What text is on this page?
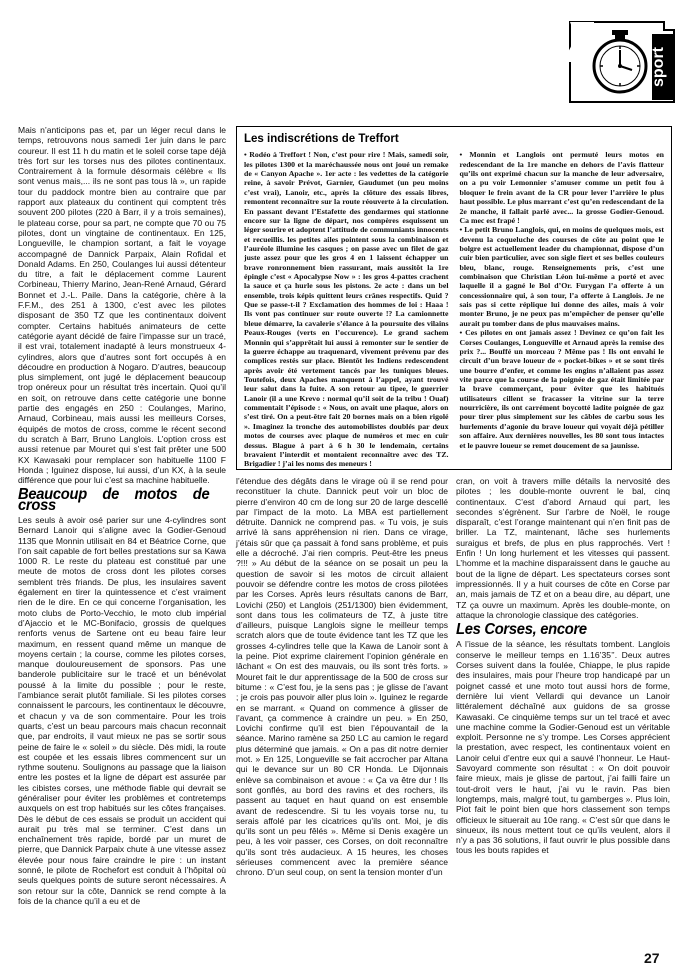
sport

Mais n’anticipons pas et, par un léger recul dans le temps, retrouvons nous samedi 1er juin dans le parc coureur. Il est 11 h du matin et le soleil corse tape déjà très fort sur les torses nus des pilotes continentaux. Contrairement à la formule désormais célèbre « Ils sont venus mais,... ils ne sont pas tous là », un rapide tour du paddock montre bien au contraire que par rapport aux plateaux du continent qui comptent très souvent 200 pilotes (220 à Barr, il y a trois semaines), le plateau corse, pour sa part, ne compte que 70 ou 75 pilotes, dont un vingtaine de continentaux. En 125, Longueville, le champion sortant, a fait le voyage accompagné de Dannick Parpaix, Alain Rofidal et Donald Adams. En 250, Coulanges lui aussi détenteur du titre, a fait le déplacement comme Laurent Corbineau, Thierry Marino, Jean-René Arnaud, Gérard Bonnet et J.-L. Paile. Dans la catégorie, chère à la F.F.M., des 251 à 1300, c’est avec les pilotes disposant de 350 TZ que les continentaux doivent compter. Certains habitués animateurs de cette catégorie ayant décidé de faire l’impasse sur un tracé, il est vrai, totalement inadapté à leurs monstrueux 4-cylindres, alors que d’autres sont fort occupés à en découdre en production à Nogaro. D’autres, beaucoup plus simplement, ont jugé le déplacement beaucoup trop onéreux pour un résultat très incertain. Quoi qu’il en soit, on retrouve dans cette catégorie une bonne partie des engagés en 250 : Coulanges, Marino, Arnaud, Corbineau, mais aussi les meilleurs Corses, équipés de motos de cross, comme le récent second du scratch à Barr, Bruno Langlois. L’option cross est aussi retenue par Mouret qui s’est fait prêter une 500 KX Kawasaki pour remplacer son habituelle 1100 F Honda ; Iguinez dispose, lui aussi, d’un KX, à la seule différence que pour lui c’est sa machine habituelle.

Beaucoup de motos de cross

Les seuls à avoir osé parier sur une 4-cylindres sont Bernard Lanoir qui s’aligne avec la Godier-Genoud 1135 que Monnin utilisait en 84 et Béatrice Corne, que l’on sait capable de fort belles prestations sur sa Kawa 1000 R. Le reste du plateau est constitué par une meute de motos de cross dont les pilotes corses semblent très friands. De plus, les insulaires savent également en tirer la quintessence et c’est vraiment rien de le dire. En ce qui concerne l’organisation, les moto clubs de Porto-Vecchio, le moto club impérial d’Ajaccio et le MC-Bonifacio, grossis de quelques renforts venus de Sartene ont eu beau faire leur maximum, en ressent quand même un manque de moyens certain ; la course, comme les pilotes corses, manque douloureusement de sponsors. Pas une banderole publicitaire sur le tracé et un bénévolat poussé à la limite du possible ; pour le reste, l’ambiance serait plutôt familiale. Si les pilotes corses connaissent le parcours, les continentaux le découvre, et chacun y va de son commentaire. Pour les trois quarts, c’est un beau parcours mais chacun reconnait que, par endroits, il vaut mieux ne pas se sortir sous peine de faire le « soleil » du siècle. Dès midi, la route est coupée et les essais libres commencent sur un rythme soutenu. Soulignons au passage que la liaison entre les postes et la ligne de départ est assurée par les cibistes corses, une méthode fiable qui devrait se généraliser pour éviter les problèmes et contretemps auxquels on est trop habitués sur les côtes françaises. Dès le début de ces essais se produit un accident qui aurait pu très mal se terminer. C’est dans un enchaînement très rapide, bordé par un muret de pierre, que Dannick Parpaix chute à une vitesse assez élevée pour nous faire craindre le pire : un instant sonné, le pilote de Rochefort est conduit à l’hôpital où seuls quelques points de suture seront nécessaires. A son retour sur la côte, Dannick se rend compte à la fois de la chance qu’il a eu et de

Les indiscrétions de Treffort

• Rodéo à Treffort ! Non, c’est pour rire ! Mais, samedi soir, les pilotes 1300 et la maréchaussée nous ont joué un remake de « Canyon Apache ». 1er acte : les vedettes de la catégorie reine, à savoir Prévot, Garnier, Gaudumet (un peu moins c’est vrai), Lanoir, etc., après la clôture des essais libres, remontent reconnaître sur la route réouverte à la circulation. En passant devant l’Estafette des gendarmes qui stationne encore sur la ligne de départ, nos compères esquissent un léger sourire et adoptent l’attitude de communiants innocents et recueillis. les petites ailes pointent sous la combinaison et l’auréole illumine les casques ; on passe avec un filet de gaz juste assez pour que les gros 4 en 1 laissent échapper un brave ronronnement bien rassurant, mais aussitôt la 1re épingle c’est « Apocalypse Now » : les gros 4-pattes crachent la sauce et ça hurle sous les pistons. 2e acte : dans un bel ensemble, trois képis quittent leurs crânes respectifs. Quid ? Que se passe-t-il ? Exclamation des hommes de loi : Haaa ! Ils vont pas continuer sur route ouverte !? La camionnette bleue démarre, la cavalerie s’élance à la poursuite des vilains Peaux-Rouges (verts en l’occurence). Le grand sachem Monnin qui s’apprêtait lui aussi à remonter sur le sentier de la guerre échappe au traquenard, vivement prévenu par des complices restés sur place. Bientôt les Indiens redescendent après avoir été vertement tancés par les tuniques bleues. Toutefois, deux Apaches manquent à l’appel, ayant trouvé leur salut dans la fuite. A son retour au tipee, le guerrier Lanoir (il a une Krevo : normal qu’il soit de la tribu ! Ouaf) commentait l’épisode : « Nous, on avait une plaque, alors on s’est tiré. On a peut-être fait 20 bornes mais on a bien rigolé ». Imaginez la tronche des automobilistes doublés par deux motos de courses avec plaque de numéros et mec en cuir dessus. Blague à part à 6 h 30 le lendemain, certains bravaient l’interdit et montaient reconnaître avec des TZ. Brigadier ! j’ai les noms des meneurs !

• Monnin et Langlois ont permuté leurs motos en redescendant de la 1re manche en dehors de l’avis flatteur qu’ils ont exprimé chacun sur la manche de leur adversaire, on a pu voir Lemonnier s’amuser comme un petit fou à bloquer le frein avant de la CR pour lever l’arrière le plus haut possible. Le plus marrant c’est qu’en redescendant de la 2e manche, il fallait parlé avec... la grosse Godier-Genoud. Ca mec est frapé !

• Le petit Bruno Langlois, qui, en moins de quelques mois, est devenu la coqueluche des courses de côte au point que le bolgre est actuellement leader du championnat, dispose d’un cuir bien particulier, avec son sigle fiert et ses belles couleurs bleu, blanc, rouge. Renseignements pris, c’est une combinaison que Christian Léon lui-même a porté et avec laquelle il a gagné le Bol d’Or. Furygan l’a offerte à un concessionnaire qui, à son tour, l’a offerte à Langlois. Je ne sais pas si cette réplique lui donne des ailes, mais à voir monter Bruno, je ne peux pas m’empêcher de penser qu’elle aurait pu tomber dans de plus mauvaises mains.

• Ces pilotes en ont jamais assez ! Devinez ce qu’on fait les Corses Coulanges, Longueville et Arnaud après la remise des prix ?... Bouffé un morceau ? Même pas ! Ils ont envahi le circuit d’un brave loueur de « pocket-bikes » et se sont tirés une bourre d’enfer, et comme les engins n’allaient pas assez vite parce que la course de la poignée de gaz était limitée par la brave commerçant, pour éviter que les habitués utilisateurs cillent se fracasser la vitrine sur la terre nourricière, ils ont carrément boycotté ladite poignée de gaz pour tirer plus simplement sur les câbles de carbu sous les hurlements d’agonie du brave loueur qui voyait déjà pétiller son affaire. Aux dernières nouvelles, les 80 sont tous intactes et le pauvre loueur se remet doucement de sa jaunisse.

l’étendue des dégâts dans le virage où il se rend pour reconstituer la chute. Dannick peut voir un bloc de pierre d’environ 40 cm de long sur 20 de large descellé par l’impact de la moto. La MBA est partiellement détruite. Dannick ne comprend pas. « Tu vois, je suis arrivé là sans appréhension ni rien. Dans ce virage, j’étais sûr que ça passait à fond sans problème, et puis elle a décroché. J’ai rien compris. Peut-être les pneus ?!!! » Au début de la séance on se posait un peu la question de savoir si les motos de circuit allaient pouvoir se défendre contre les motos de cross pilotées par les Corses. Après leurs résultats canons de Barr, Lovichi (250) et Langlois (251/1300) bien évidemment, sont dans tous les colimateurs de TZ, à juste titre d’ailleurs, puisque Langlois signe le meilleur temps scratch alors que de toute évidence tant les TZ que les grosses 4-cylindres telle que la Kawa de Lanoir sont à la peine. Piot exprime clairement l’opinion générale en lâchant « On est des mauvais, ou ils sont très forts. » Mouret fait le dur apprentissage de la 500 de cross sur bitume : « C’est fou, je la sens pas ; je glisse de l’avant ; je crois pas pouvoir aller plus loin ». Iguinez le regarde en se marrant. « Quand on commence à glisser de l’avant, ça commence à craindre un peu. » En 250, Lovichi confirme qu’il est bien l’épouvantail de la séance. Marino ramène sa 250 LC au camion le regard plus déterminé que jamais. « On a pas dit notre dernier mot. » En 125, Longueville se fait accrocher par Altana qui le devance sur un 80 CR Honda. Le Dijonnais enlève sa combinaison et avoue : « Ça va être dur ! Ils sont gonflés, au bord des ravins et des rochers, ils passent au taquet en haut quand on est ensemble avant de redescendre. Si tu les voyais torse nu, tu serais affolé par les cicatrices qu’ils ont. Moi, je dis qu’ils sont un peu fêlés ». Même si Denis exagère un peu, à les voir passer, ces Corses, on doit reconnaître qu’ils sont très audacieux. A 15 heures, les choses sérieuses commencent avec la première séance chrono. D’un seul coup, on sent la tension monter d’un

cran, on voit à travers mille détails la nervosité des pilotes ; les double-monte ouvrent le bal, cinq continentaux. C’est d’abord Arnaud qui part, les secondes s’égrènent. Sur l’arbre de Noël, le rouge disparaît, c’est l’orange maintenant qui n’en finit pas de briller. La TZ, maintenant, lâche ses hurlements suraigus et brefs, de plus en plus rapprochés. Vert ! Enfin ! Un long hurlement et les vitesses qui passent. L’homme et la machine disparaissent dans le gauche au bout de la ligne de départ. Les spectateurs corses sont impressionnés. Il y a huit courses de côte en Corse par an, mais jamais de TZ et on a beau dire, au départ, une TZ ça ouvre un maximum. Après les double-monte, on attaque la chronologie classique des catégories.

Les Corses, encore

A l’issue de la séance, les résultats tombent. Langlois conserve le meilleur temps en 1.16’35’’. Deux autres Corses suivent dans la foulée, Chiappe, le plus rapide des insulaires, mais pour l’heure trop handicapé par un poignet cassé et une moto tout aussi hors de forme, dernière lui vient Vellardi qui devance un Lanoir littéralement déchaîné aux guidons de sa grosse Kawasaki. Ce cinquième temps sur un tel tracé et avec une machine comme la Godier-Genoud est un véritable exploit. Personne ne s’y trompe. Les Corses apprécient la prestation, avec respect, les continentaux voient en Lanoir celui d’entre eux qui a sauvé l’honneur. Le Haut-Savoyard commente son résultat : « On doit pouvoir faire mieux, mais je glisse de partout, j’ai failli faire un tout-droit vers le haut, j’ai vu le ravin. Pas bien longtemps, mais, malgré tout, tu gamberges ». Plus loin, Piot fait le point bien que hors classement son temps officieux le situerait au 10e rang. « C’est sûr que dans le sinueux, ils nous mettent tout ce qu’ils veulent, alors il n’y a pas 36 solutions, il faut ouvrir le plus possible dans tous les bouts rapides et

27
